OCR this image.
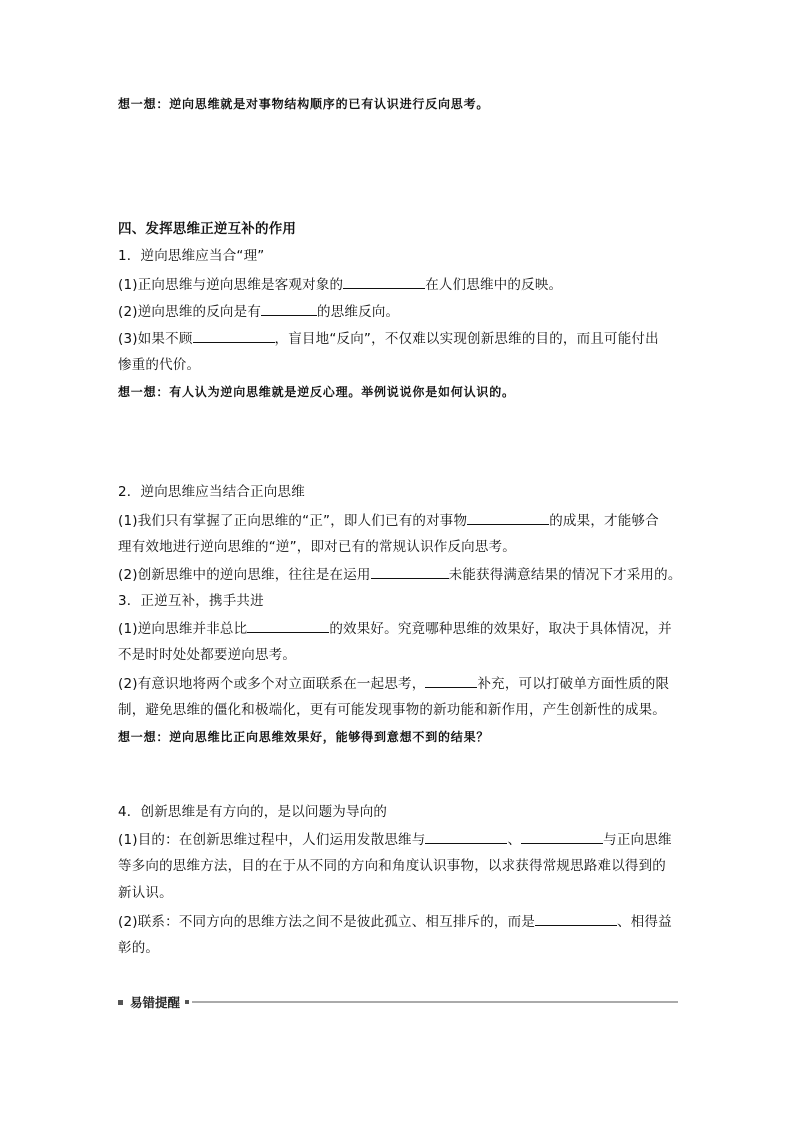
想一想：逆向思维就是对事物结构顺序的已有认识进行反向思考。
四、发挥思维正逆互补的作用
1．逆向思维应当合“理”
(1)正向思维与逆向思维是客观对象的	在人们思维中的反映。
(2)逆向思维的反向是有	的思维反向。
(3)如果不顾	，盲目地“反向”，不仅难以实现创新思维的目的，而且可能付出
惨重的代价。
想一想：有人认为逆向思维就是逆反心理。举例说说你是如何认识的。
2．逆向思维应当结合正向思维
(1)我们只有掌握了正向思维的“正”，即人们已有的对事物	的成果，才能够合
理有效地进行逆向思维的“逆”，即对已有的常规认识作反向思考。
(2)创新思维中的逆向思维，往往是在运用	未能获得满意结果的情况下才采用的。
3．正逆互补，携手共进
(1)逆向思维并非总比	的效果好。究竟哪种思维的效果好，取决于具体情况，并
不是时时处处都要逆向思考。
(2)有意识地将两个或多个对立面联系在一起思考，	补充，可以打破单方面性质的限
制，避免思维的僵化和极端化，更有可能发现事物的新功能和新作用，产生创新性的成果。
想一想：逆向思维比正向思维效果好，能够得到意想不到的结果？
4．创新思维是有方向的，是以问题为导向的
(1)目的：在创新思维过程中，人们运用发散思维与	、	与正向思维
等多向的思维方法，目的在于从不同的方向和角度认识事物，以求获得常规思路难以得到的
新认识。
(2)联系：不同方向的思维方法之间不是彼此孤立、相互排斥的，而是	、相得益
彰的。
易错提醒
